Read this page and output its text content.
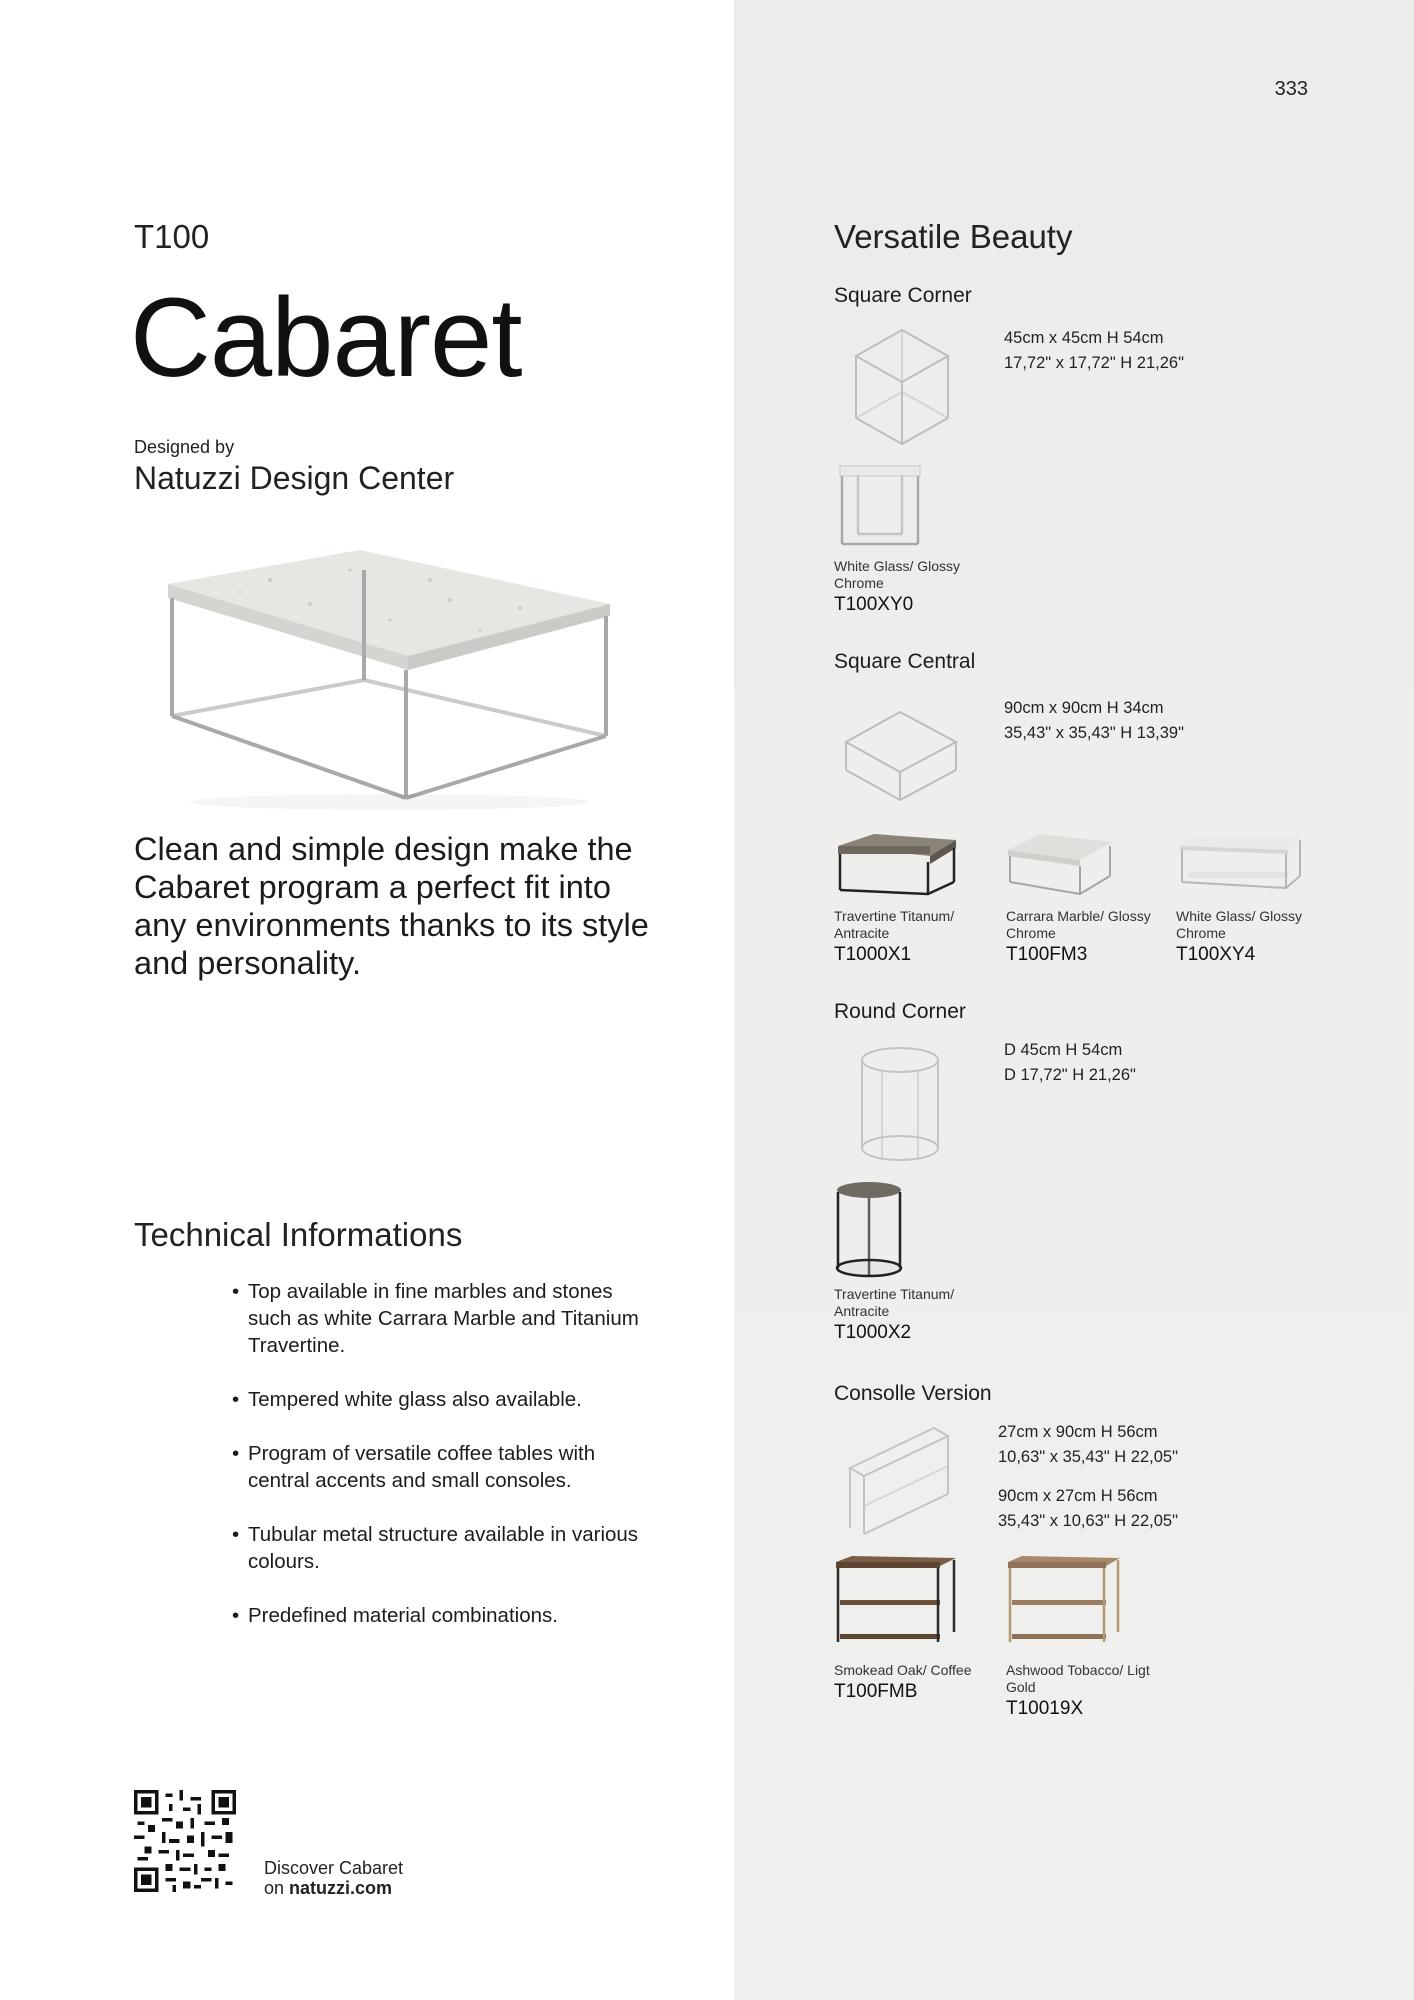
333
T100
Cabaret
Designed by
Natuzzi Design Center

Clean and simple design make the Cabaret program a perfect fit into any environments thanks to its style and personality.

Technical Informations
• Top available in fine marbles and stones such as white Carrara Marble and Titanium Travertine.
• Tempered white glass also available.
• Program of versatile coffee tables with central accents and small consoles.
• Tubular metal structure available in various colours.
• Predefined material combinations.
Discover Cabaret
on natuzzi.com
Versatile Beauty
Square Corner
45cm x 45cm H 54cm
17,72" x 17,72" H 21,26"
White Glass/ Glossy Chrome
T100XY0
Square Central
90cm x 90cm H 34cm
35,43" x 35,43" H 13,39"
Travertine Titanum/ Antracite
T1000X1
Carrara Marble/ Glossy Chrome
T100FM3
White Glass/ Glossy Chrome
T100XY4
Round Corner
D 45cm H 54cm
D 17,72" H 21,26"
Travertine Titanum/ Antracite
T1000X2
Consolle Version
27cm x 90cm H 56cm
10,63" x 35,43" H 22,05"
90cm x 27cm H 56cm
35,43" x 10,63" H 22,05"
Smokead Oak/ Coffee
T100FMB
Ashwood Tobacco/ Ligt Gold
T10019X
